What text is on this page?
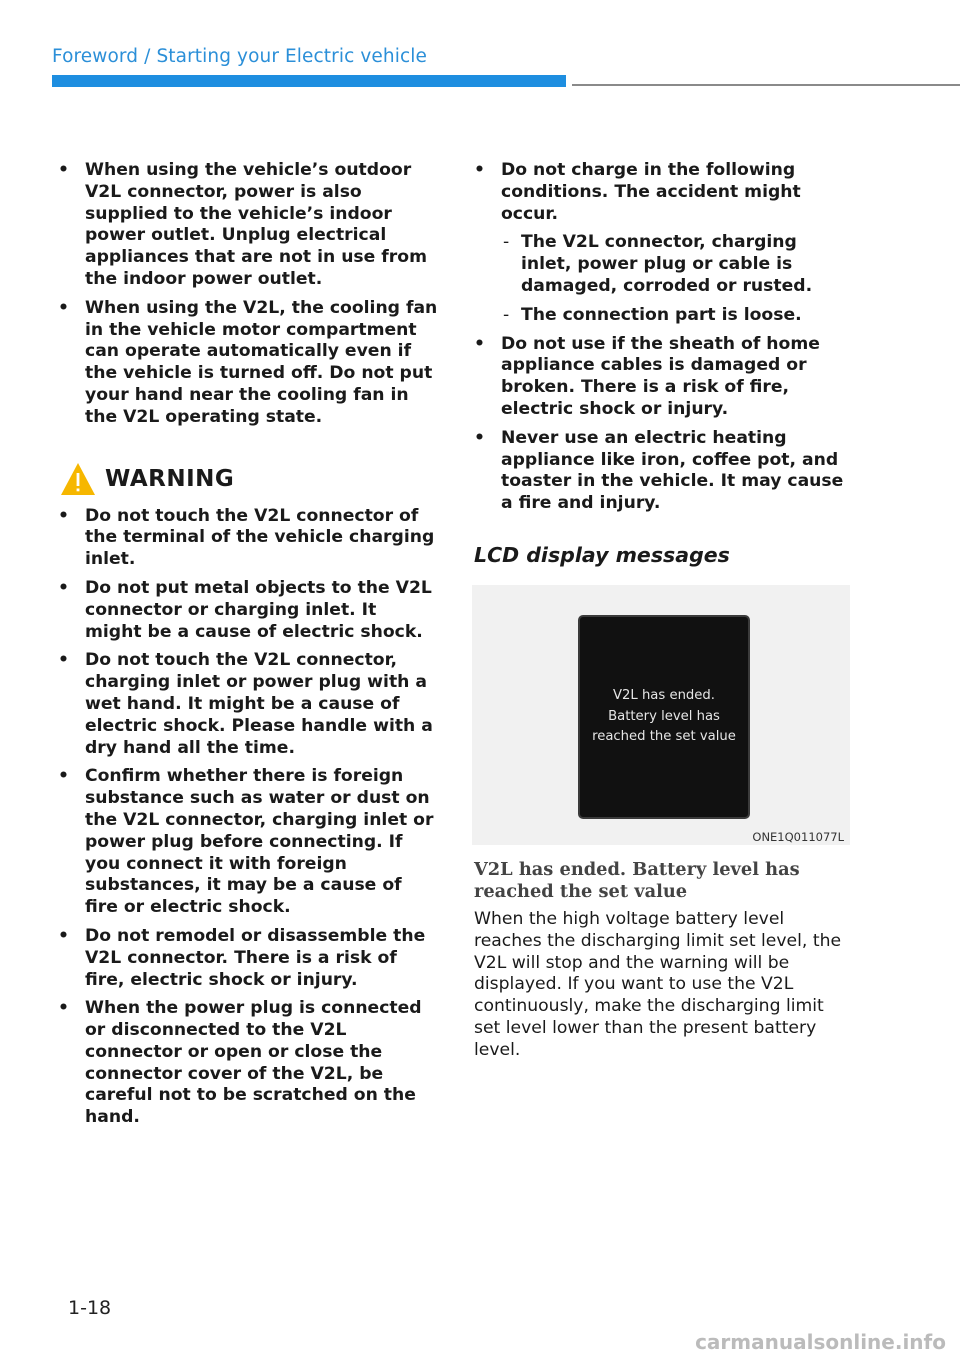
Foreword / Starting your Electric vehicle
• When using the vehicle’s outdoor V2L connector, power is also supplied to the vehicle’s indoor power outlet. Unplug electrical appliances that are not in use from the indoor power outlet.
• When using the V2L, the cooling fan in the vehicle motor compartment can operate automatically even if the vehicle is turned off. Do not put your hand near the cooling fan in the V2L operating state.
WARNING
• Do not touch the V2L connector of the terminal of the vehicle charging inlet.
• Do not put metal objects to the V2L connector or charging inlet. It might be a cause of electric shock.
• Do not touch the V2L connector, charging inlet or power plug with a wet hand. It might be a cause of electric shock. Please handle with a dry hand all the time.
• Confirm whether there is foreign substance such as water or dust on the V2L connector, charging inlet or power plug before connecting. If you connect it with foreign substances, it may be a cause of fire or electric shock.
• Do not remodel or disassemble the V2L connector. There is a risk of fire, electric shock or injury.
• When the power plug is connected or disconnected to the V2L connector or open or close the connector cover of the V2L, be careful not to be scratched on the hand.
• Do not charge in the following conditions. The accident might occur.
- The V2L connector, charging inlet, power plug or cable is damaged, corroded or rusted.
- The connection part is loose.
• Do not use if the sheath of home appliance cables is damaged or broken. There is a risk of fire, electric shock or injury.
• Never use an electric heating appliance like iron, coffee pot, and toaster in the vehicle. It may cause a fire and injury.
LCD display messages
V2L has ended.
Battery level has
reached the set value
ONE1Q011077L
V2L has ended. Battery level has reached the set value
When the high voltage battery level reaches the discharging limit set level, the V2L will stop and the warning will be displayed. If you want to use the V2L continuously, make the discharging limit set level lower than the present battery level.
1-18
carmanualsonline.info
